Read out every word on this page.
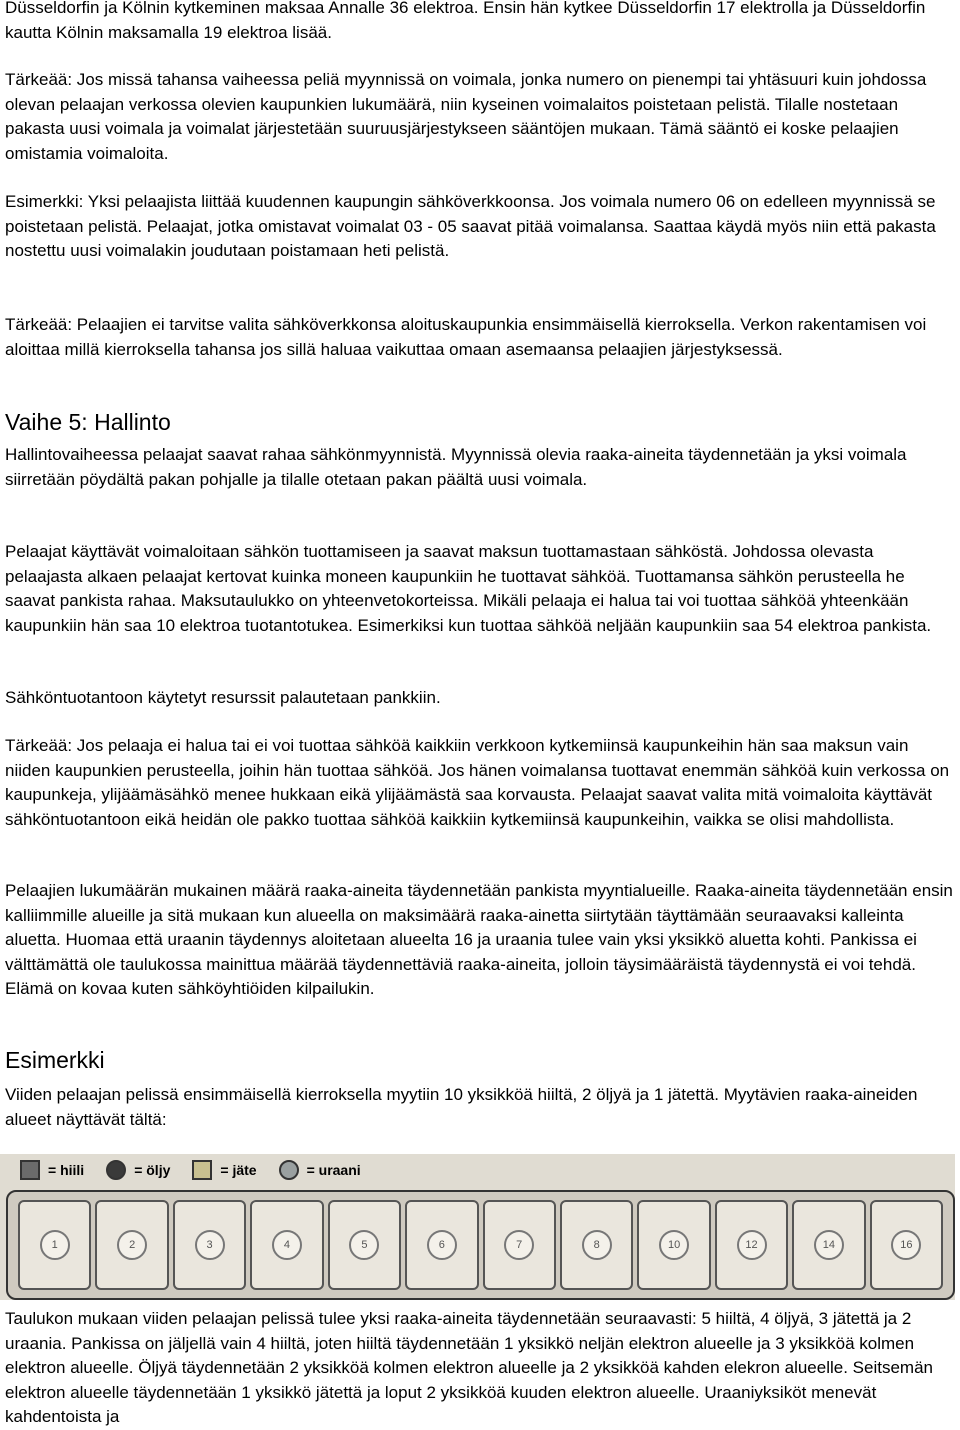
Düsseldorfin ja Kölnin kytkeminen maksaa Annalle 36 elektroa. Ensin hän kytkee Düsseldorfin 17 elektrolla ja Düsseldorfin kautta Kölnin maksamalla 19 elektroa lisää.

Tärkeää: Jos missä tahansa vaiheessa peliä myynnissä on voimala, jonka numero on pienempi tai yhtäsuuri kuin johdossa olevan pelaajan verkossa olevien kaupunkien lukumäärä, niin kyseinen voimalaitos poistetaan pelistä. Tilalle nostetaan pakasta uusi voimala ja voimalat järjestetään suuruusjärjestykseen sääntöjen mukaan. Tämä sääntö ei koske pelaajien omistamia voimaloita.

Esimerkki: Yksi pelaajista liittää kuudennen kaupungin sähköverkkoonsa. Jos voimala numero 06 on edelleen myynnissä se poistetaan pelistä. Pelaajat, jotka omistavat voimalat 03 - 05 saavat pitää voimalansa. Saattaa käydä myös niin että pakasta nostettu uusi voimalakin joudutaan poistamaan heti pelistä.

Tärkeää: Pelaajien ei tarvitse valita sähköverkkonsa aloituskaupunkia ensimmäisellä kierroksella. Verkon rakentamisen voi aloittaa millä kierroksella tahansa jos sillä haluaa vaikuttaa omaan asemaansa pelaajien järjestyksessä.

Vaihe 5: Hallinto

Hallintovaiheessa pelaajat saavat rahaa sähkönmyynnistä. Myynnissä olevia raaka-aineita täydennetään ja yksi voimala siirretään pöydältä pakan pohjalle ja tilalle otetaan pakan päältä uusi voimala.

Pelaajat käyttävät voimaloitaan sähkön tuottamiseen ja saavat maksun tuottamastaan sähköstä. Johdossa olevasta pelaajasta alkaen pelaajat kertovat kuinka moneen kaupunkiin he tuottavat sähköä. Tuottamansa sähkön perusteella he saavat pankista rahaa. Maksutaulukko on yhteenvetokorteissa. Mikäli pelaaja ei halua tai voi tuottaa sähköä yhteenkään kaupunkiin hän saa 10 elektroa tuotantotukea. Esimerkiksi kun tuottaa sähköä neljään kaupunkiin saa 54 elektroa pankista.

Sähköntuotantoon käytetyt resurssit palautetaan pankkiin.

Tärkeää: Jos pelaaja ei halua tai ei voi tuottaa sähköä kaikkiin verkkoon kytkemiinsä kaupunkeihin hän saa maksun vain niiden kaupunkien perusteella, joihin hän tuottaa sähköä. Jos hänen voimalansa tuottavat enemmän sähköä kuin verkossa on kaupunkeja, ylijäämäsähkö menee hukkaan eikä ylijäämästä saa korvausta. Pelaajat saavat valita mitä voimaloita käyttävät sähköntuotantoon eikä heidän ole pakko tuottaa sähköä kaikkiin kytkemiinsä kaupunkeihin, vaikka se olisi mahdollista.

Pelaajien lukumäärän mukainen määrä raaka-aineita täydennetään pankista myyntialueille. Raaka-aineita täydennetään ensin kalliimmille alueille ja sitä mukaan kun alueella on maksimäärä raaka-ainetta siirtytään täyttämään seuraavaksi kalleinta aluetta. Huomaa että uraanin täydennys aloitetaan alueelta 16 ja uraania tulee vain yksi yksikkö aluetta kohti. Pankissa ei välttämättä ole taulukossa mainittua määrää täydennettäviä raaka-aineita, jolloin täysimääräistä täydennystä ei voi tehdä. Elämä on kovaa kuten sähköyhtiöiden kilpailukin.

Esimerkki

Viiden pelaajan pelissä ensimmäisellä kierroksella myytiin 10 yksikköä hiiltä, 2 öljyä ja 1 jätettä. Myytävien raaka-aineiden alueet näyttävät tältä:

= hiili	= öljy	= jäte	= uraani
1	2	3	4	5	6	7	8	10	12	14	16

Taulukon mukaan viiden pelaajan pelissä tulee yksi raaka-aineita täydennetään seuraavasti: 5 hiiltä, 4 öljyä, 3 jätettä ja 2 uraania. Pankissa on jäljellä vain 4 hiiltä, joten hiiltä täydennetään 1 yksikkö neljän elektron alueelle ja 3 yksikköä kolmen elektron alueelle. Öljyä täydennetään 2 yksikköä kolmen elektron alueelle ja 2 yksikköä kahden elekron alueelle. Seitsemän elektron alueelle täydennetään 1 yksikkö jätettä ja loput 2 yksikköä kuuden elektron alueelle. Uraaniyksiköt menevät kahdentoista ja
